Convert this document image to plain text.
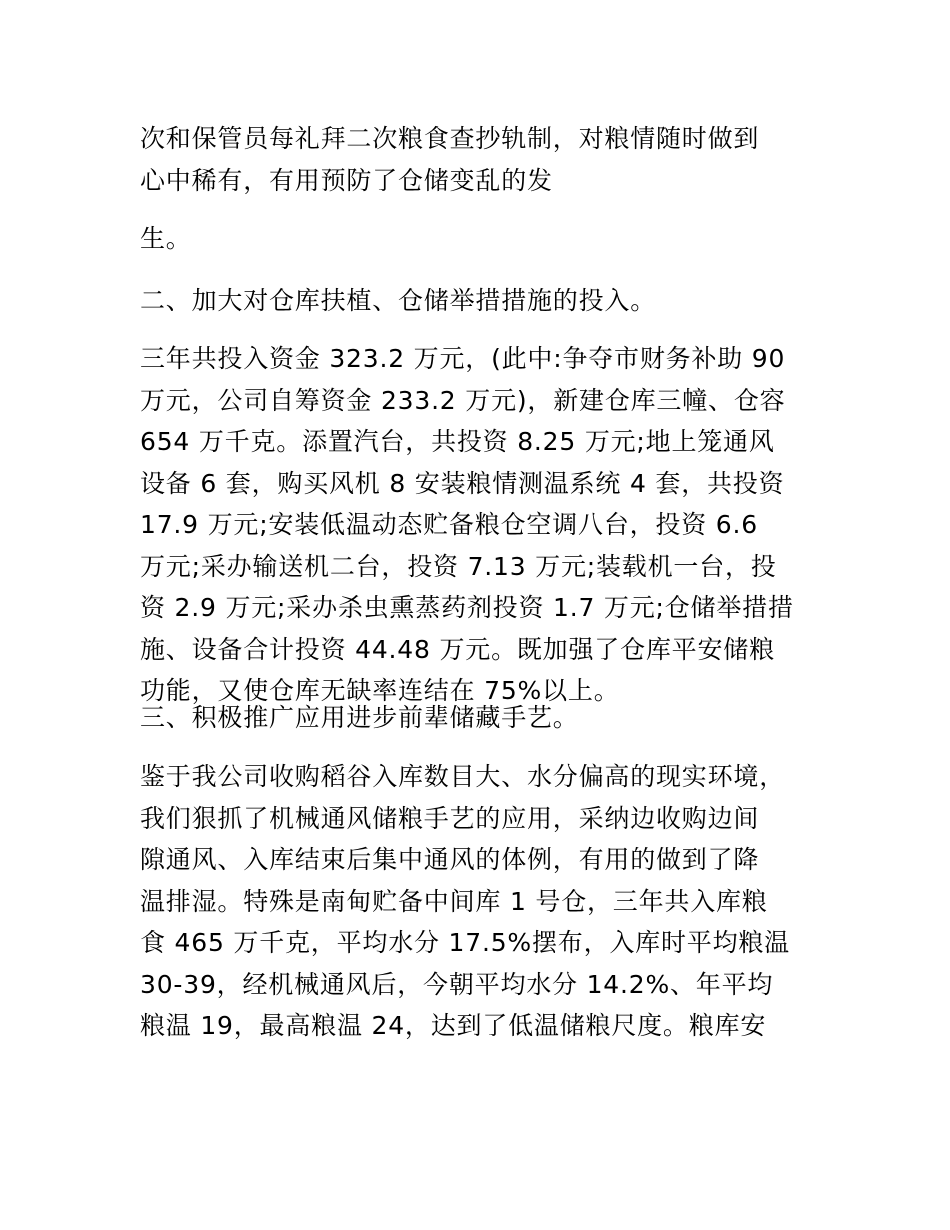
次和保管员每礼拜二次粮食查抄轨制，对粮情随时做到
心中稀有，有用预防了仓储变乱的发

生。

二、加大对仓库扶植、仓储举措措施的投入。

三年共投入资金 323.2 万元，(此中:争夺市财务补助 90
万元，公司自筹资金 233.2 万元)，新建仓库三幢、仓容
654 万千克。添置汽台，共投资 8.25 万元;地上笼通风
设备 6 套，购买风机 8 安装粮情测温系统 4 套，共投资
17.9 万元;安装低温动态贮备粮仓空调八台，投资 6.6
万元;采办输送机二台，投资 7.13 万元;装载机一台，投
资 2.9 万元;采办杀虫熏蒸药剂投资 1.7 万元;仓储举措措
施、设备合计投资 44.48 万元。既加强了仓库平安储粮
功能，又使仓库无缺率连结在 75%以上。

三、积极推广应用进步前辈储藏手艺。

鉴于我公司收购稻谷入库数目大、水分偏高的现实环境，
我们狠抓了机械通风储粮手艺的应用，采纳边收购边间
隙通风、入库结束后集中通风的体例，有用的做到了降
温排湿。特殊是南甸贮备中间库 1 号仓，三年共入库粮
食 465 万千克，平均水分 17.5%摆布，入库时平均粮温
30-39，经机械通风后，今朝平均水分 14.2%、年平均
粮温 19，最高粮温 24，达到了低温储粮尺度。粮库安
